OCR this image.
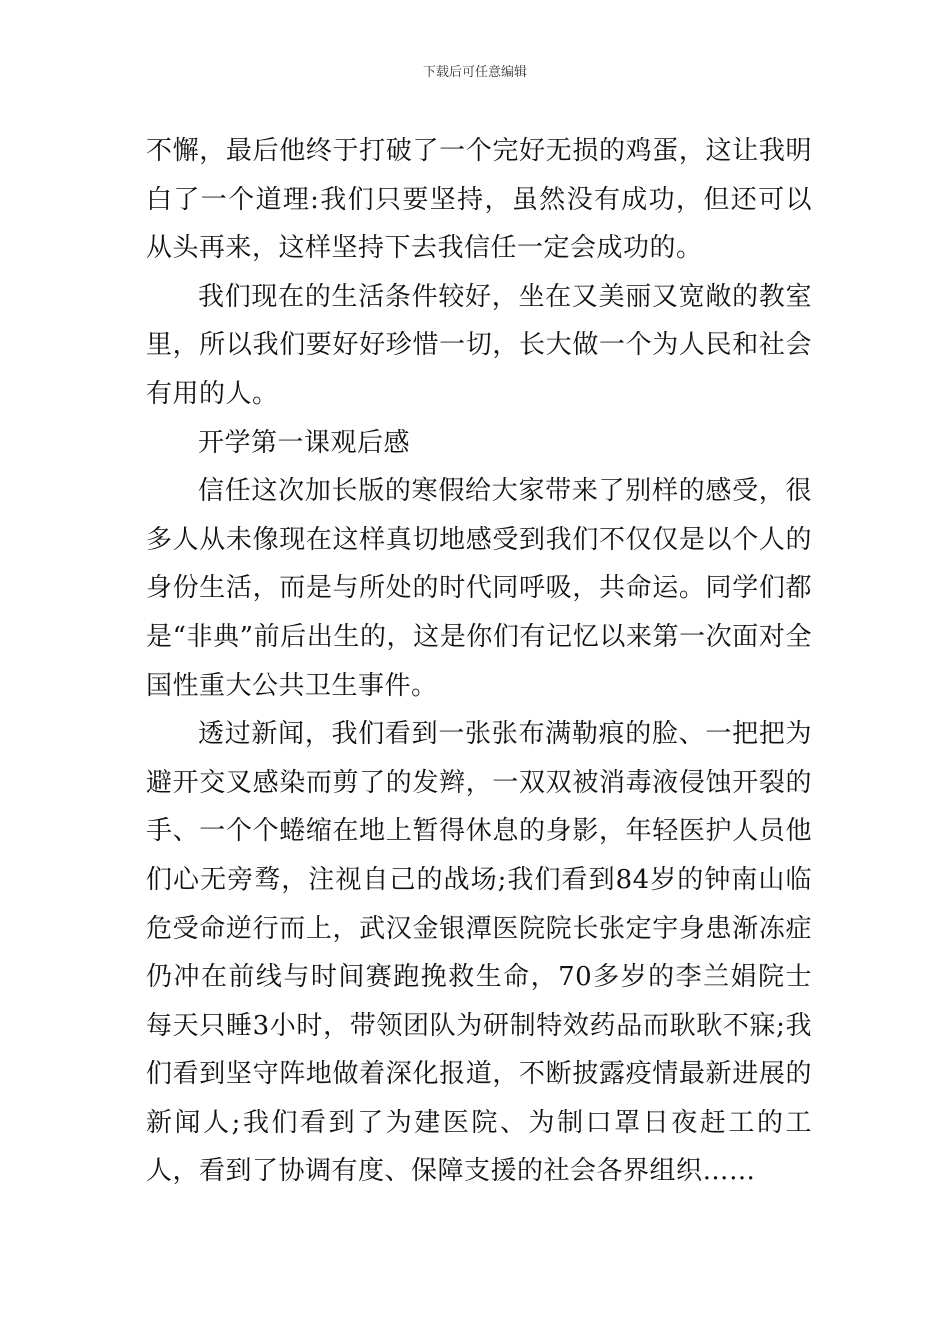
下载后可任意编辑

不懈，最后他终于打破了一个完好无损的鸡蛋，这让我明白了一个道理:我们只要坚持，虽然没有成功，但还可以从头再来，这样坚持下去我信任一定会成功的。

我们现在的生活条件较好，坐在又美丽又宽敞的教室里，所以我们要好好珍惜一切，长大做一个为人民和社会有用的人。

开学第一课观后感

信任这次加长版的寒假给大家带来了别样的感受，很多人从未像现在这样真切地感受到我们不仅仅是以个人的身份生活，而是与所处的时代同呼吸，共命运。同学们都是“非典”前后出生的，这是你们有记忆以来第一次面对全国性重大公共卫生事件。

透过新闻，我们看到一张张布满勒痕的脸、一把把为避开交叉感染而剪了的发辫，一双双被消毒液侵蚀开裂的手、一个个蜷缩在地上暂得休息的身影，年轻医护人员他们心无旁骛，注视自己的战场;我们看到84岁的钟南山临危受命逆行而上，武汉金银潭医院院长张定宇身患渐冻症仍冲在前线与时间赛跑挽救生命，70多岁的李兰娟院士每天只睡3小时，带领团队为研制特效药品而耿耿不寐;我们看到坚守阵地做着深化报道，不断披露疫情最新进展的新闻人;我们看到了为建医院、为制口罩日夜赶工的工人，看到了协调有度、保障支援的社会各界组织……
